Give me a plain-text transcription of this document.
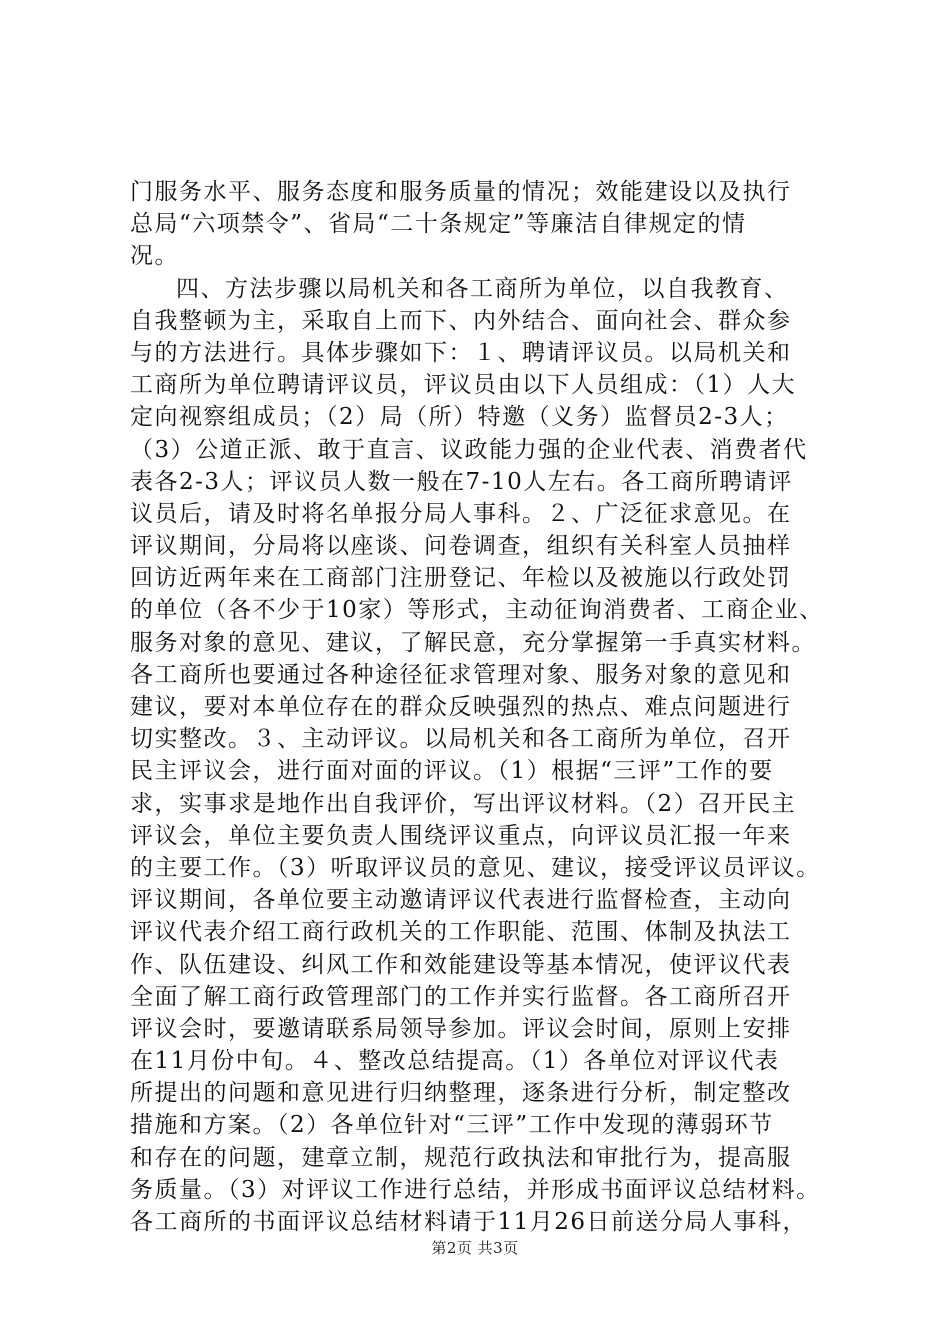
门服务水平、服务态度和服务质量的情况；效能建设以及执行
总局“六项禁令”、省局“二十条规定”等廉洁自律规定的情
况。
四、方法步骤以局机关和各工商所为单位，以自我教育、
自我整顿为主，采取自上而下、内外结合、面向社会、群众参
与的方法进行。具体步骤如下：１、聘请评议员。以局机关和
工商所为单位聘请评议员，评议员由以下人员组成：（1）人大
定向视察组成员；（2）局（所）特邀（义务）监督员2-3人；
（3）公道正派、敢于直言、议政能力强的企业代表、消费者代
表各2-3人；评议员人数一般在7-10人左右。各工商所聘请评
议员后，请及时将名单报分局人事科。２、广泛征求意见。在
评议期间，分局将以座谈、问卷调查，组织有关科室人员抽样
回访近两年来在工商部门注册登记、年检以及被施以行政处罚
的单位（各不少于10家）等形式，主动征询消费者、工商企业、
服务对象的意见、建议，了解民意，充分掌握第一手真实材料。
各工商所也要通过各种途径征求管理对象、服务对象的意见和
建议，要对本单位存在的群众反映强烈的热点、难点问题进行
切实整改。３、主动评议。以局机关和各工商所为单位，召开
民主评议会，进行面对面的评议。（1）根据“三评”工作的要
求，实事求是地作出自我评价，写出评议材料。（2）召开民主
评议会，单位主要负责人围绕评议重点，向评议员汇报一年来
的主要工作。（3）听取评议员的意见、建议，接受评议员评议。
评议期间，各单位要主动邀请评议代表进行监督检查，主动向
评议代表介绍工商行政机关的工作职能、范围、体制及执法工
作、队伍建设、纠风工作和效能建设等基本情况，使评议代表
全面了解工商行政管理部门的工作并实行监督。各工商所召开
评议会时，要邀请联系局领导参加。评议会时间，原则上安排
在11月份中旬。４、整改总结提高。（1）各单位对评议代表
所提出的问题和意见进行归纳整理，逐条进行分析，制定整改
措施和方案。（2）各单位针对“三评”工作中发现的薄弱环节
和存在的问题，建章立制，规范行政执法和审批行为，提高服
务质量。（3）对评议工作进行总结，并形成书面评议总结材料。
各工商所的书面评议总结材料请于11月26日前送分局人事科，
第2页 共3页
